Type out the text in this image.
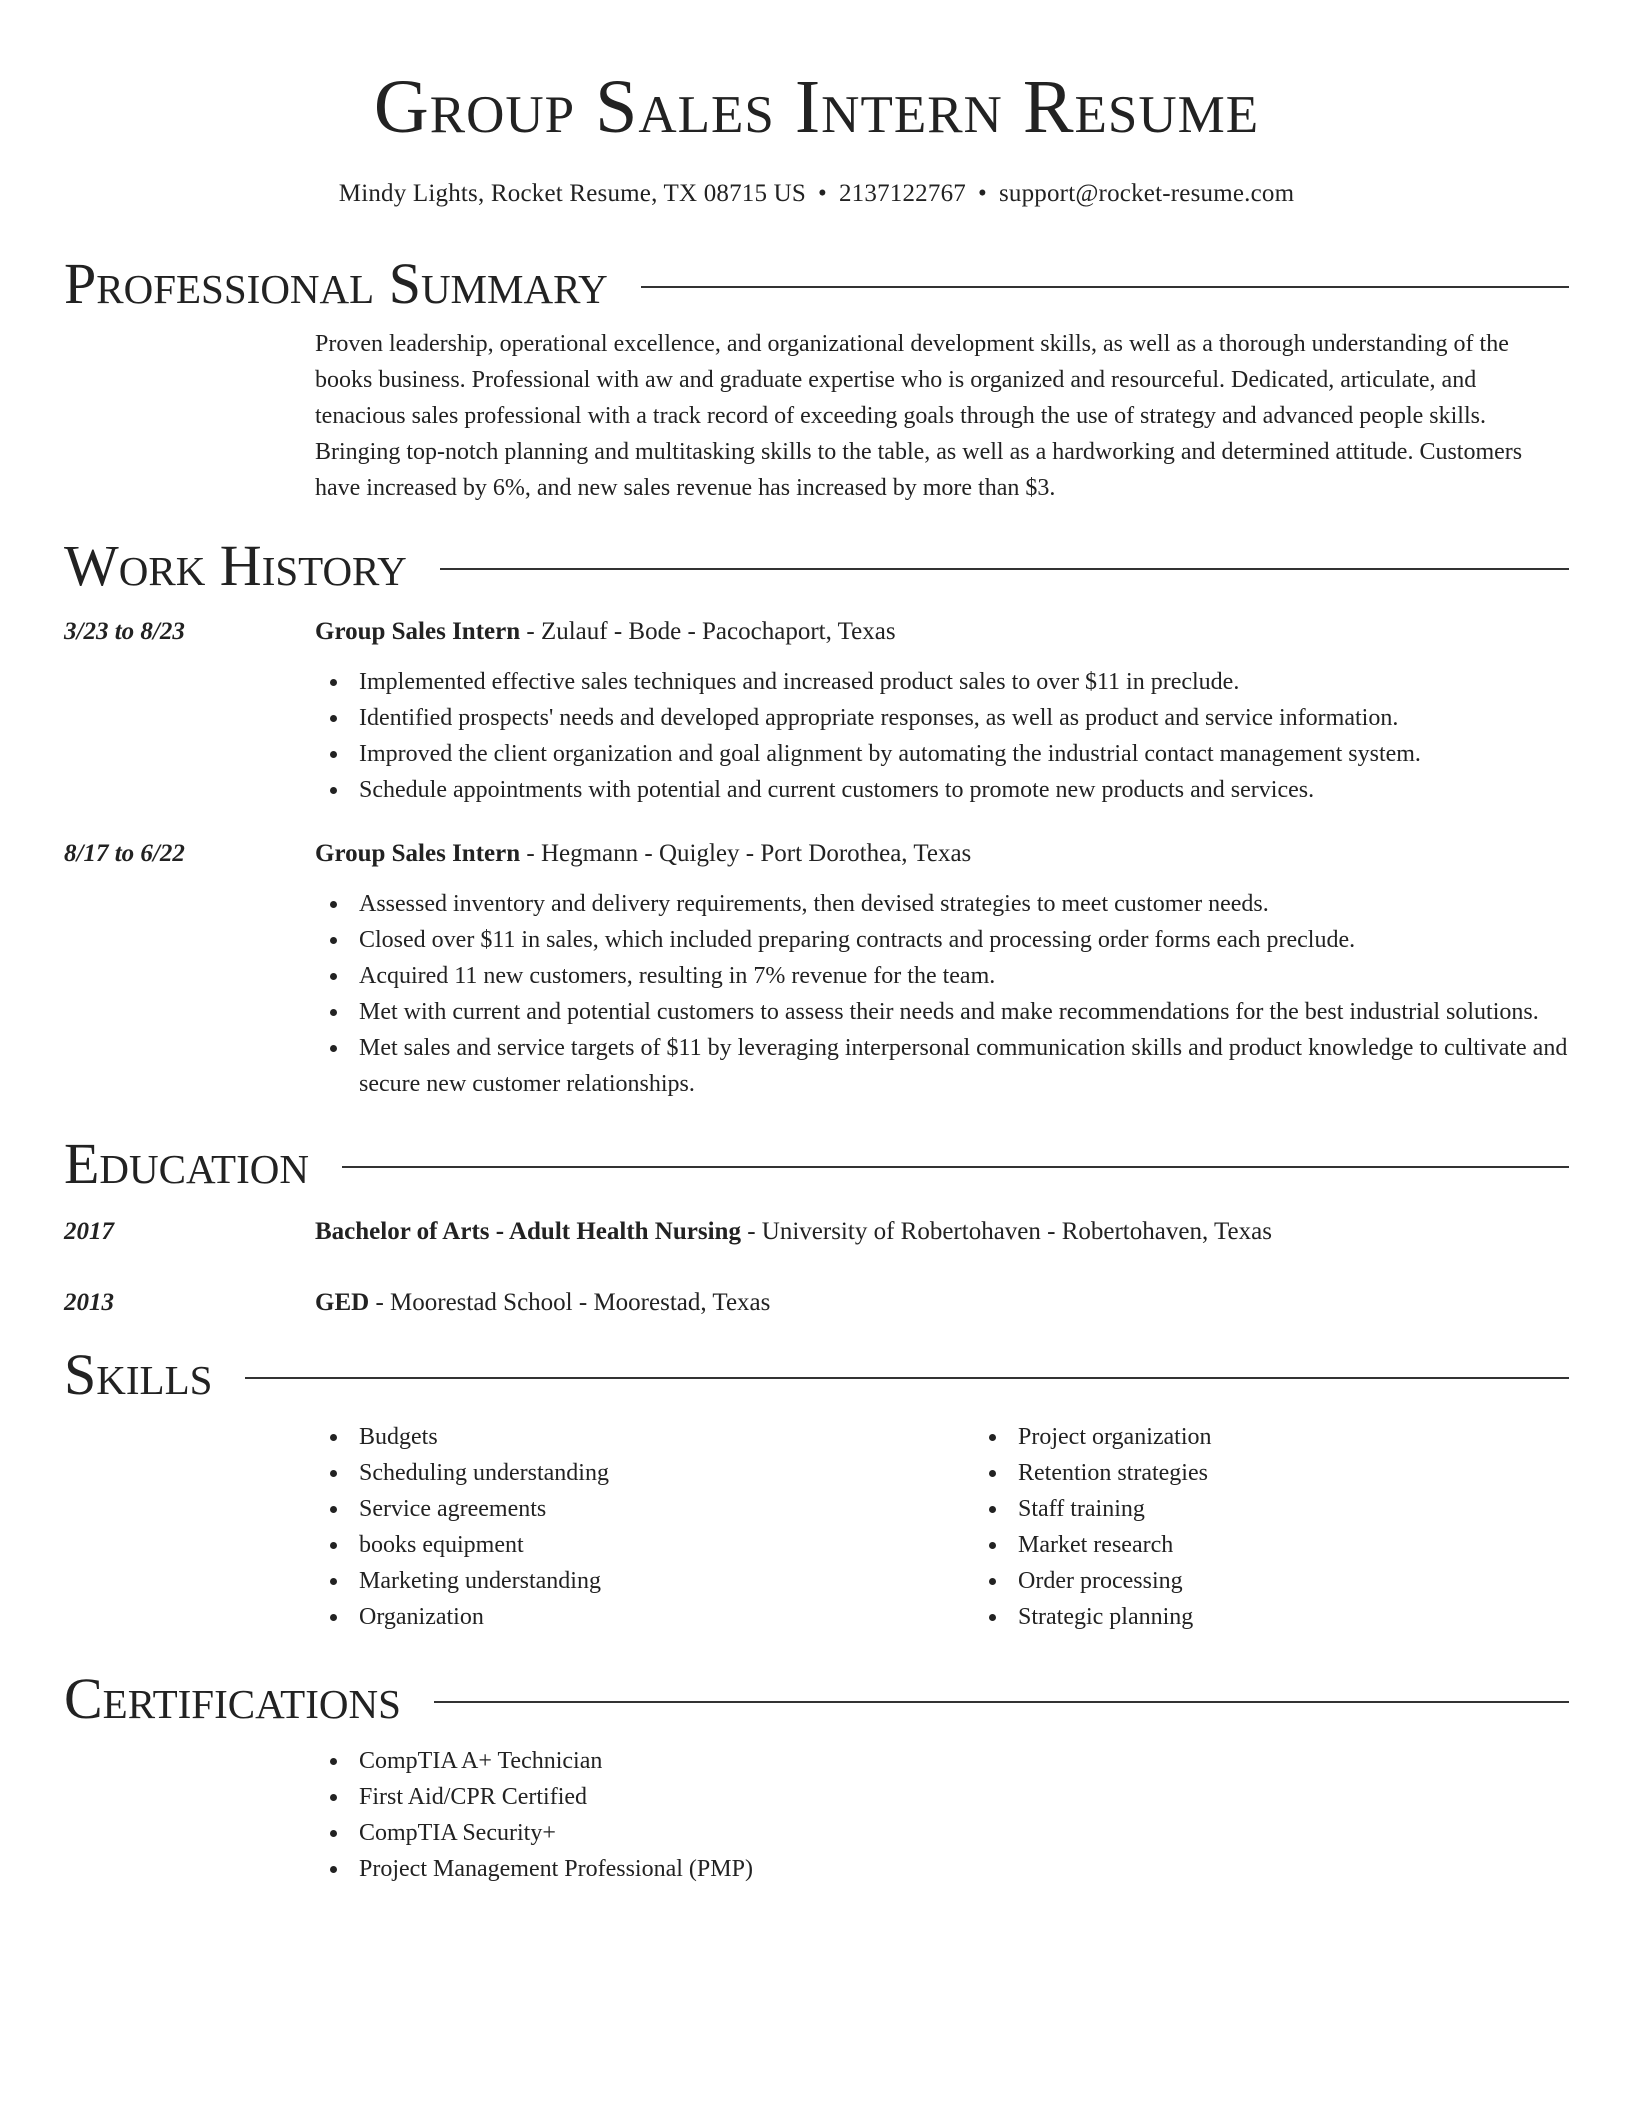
Group Sales Intern Resume
Mindy Lights, Rocket Resume, TX 08715 US • 2137122767 • support@rocket-resume.com
Professional Summary
Proven leadership, operational excellence, and organizational development skills, as well as a thorough understanding of the books business. Professional with aw and graduate expertise who is organized and resourceful. Dedicated, articulate, and tenacious sales professional with a track record of exceeding goals through the use of strategy and advanced people skills. Bringing top-notch planning and multitasking skills to the table, as well as a hardworking and determined attitude. Customers have increased by 6%, and new sales revenue has increased by more than $3.
Work History
3/23 to 8/23	Group Sales Intern - Zulauf - Bode - Pacochaport, Texas
Implemented effective sales techniques and increased product sales to over $11 in preclude.
Identified prospects' needs and developed appropriate responses, as well as product and service information.
Improved the client organization and goal alignment by automating the industrial contact management system.
Schedule appointments with potential and current customers to promote new products and services.
8/17 to 6/22	Group Sales Intern - Hegmann - Quigley - Port Dorothea, Texas
Assessed inventory and delivery requirements, then devised strategies to meet customer needs.
Closed over $11 in sales, which included preparing contracts and processing order forms each preclude.
Acquired 11 new customers, resulting in 7% revenue for the team.
Met with current and potential customers to assess their needs and make recommendations for the best industrial solutions.
Met sales and service targets of $11 by leveraging interpersonal communication skills and product knowledge to cultivate and secure new customer relationships.
Education
2017	Bachelor of Arts - Adult Health Nursing - University of Robertohaven - Robertohaven, Texas
2013	GED - Moorestad School - Moorestad, Texas
Skills
Budgets
Scheduling understanding
Service agreements
books equipment
Marketing understanding
Organization
Project organization
Retention strategies
Staff training
Market research
Order processing
Strategic planning
Certifications
CompTIA A+ Technician
First Aid/CPR Certified
CompTIA Security+
Project Management Professional (PMP)
